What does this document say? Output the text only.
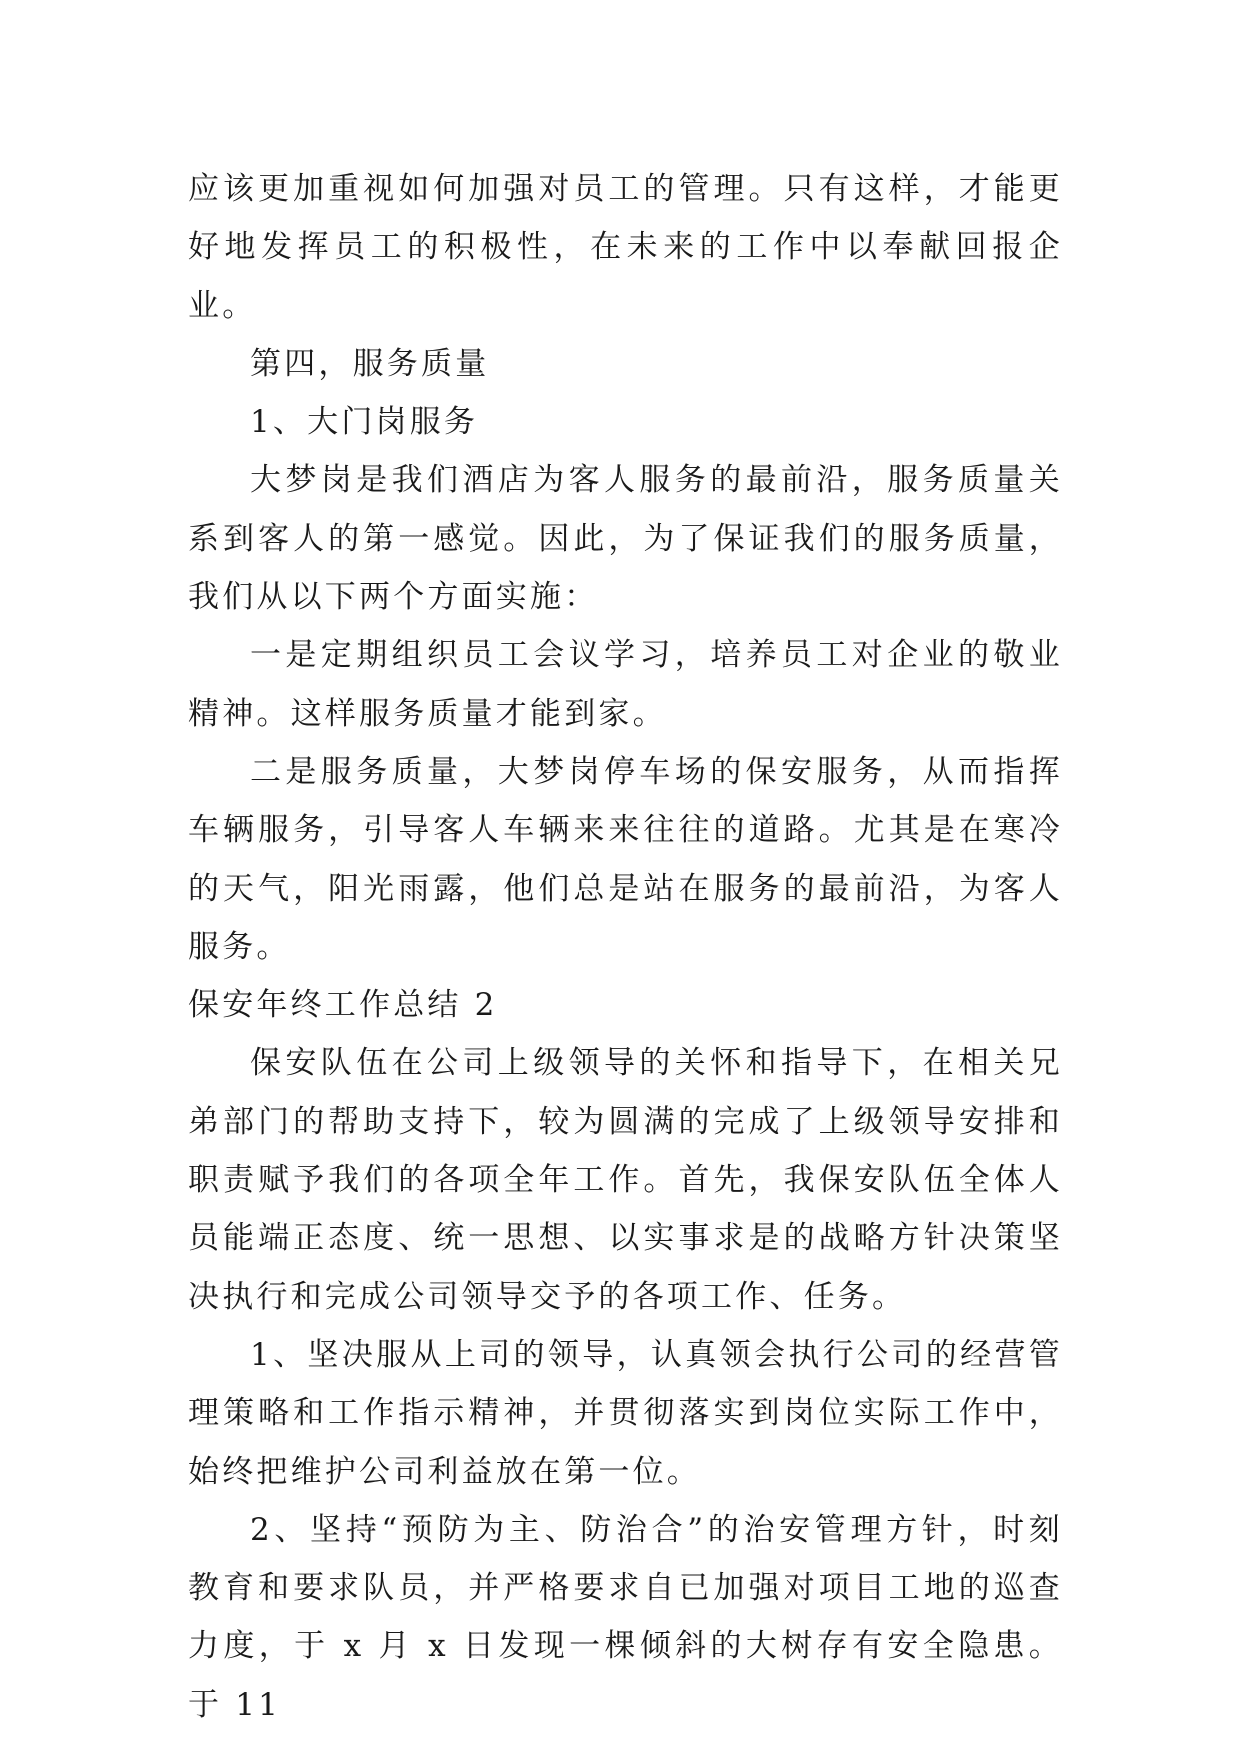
应该更加重视如何加强对员工的管理。只有这样，才能更好地发挥员工的积极性，在未来的工作中以奉献回报企业。

第四，服务质量

1、大门岗服务

大梦岗是我们酒店为客人服务的最前沿，服务质量关系到客人的第一感觉。因此，为了保证我们的服务质量，我们从以下两个方面实施：

一是定期组织员工会议学习，培养员工对企业的敬业精神。这样服务质量才能到家。

二是服务质量，大梦岗停车场的保安服务，从而指挥车辆服务，引导客人车辆来来往往的道路。尤其是在寒冷的天气，阳光雨露，他们总是站在服务的最前沿，为客人服务。

保安年终工作总结 2

保安队伍在公司上级领导的关怀和指导下，在相关兄弟部门的帮助支持下，较为圆满的完成了上级领导安排和职责赋予我们的各项全年工作。首先，我保安队伍全体人员能端正态度、统一思想、以实事求是的战略方针决策坚决执行和完成公司领导交予的各项工作、任务。

1、坚决服从上司的领导，认真领会执行公司的经营管理策略和工作指示精神，并贯彻落实到岗位实际工作中，始终把维护公司利益放在第一位。

2、坚持“预防为主、防治合”的治安管理方针，时刻教育和要求队员，并严格要求自已加强对项目工地的巡查力度，于 x 月 x 日发现一棵倾斜的大树存有安全隐患。于 11
